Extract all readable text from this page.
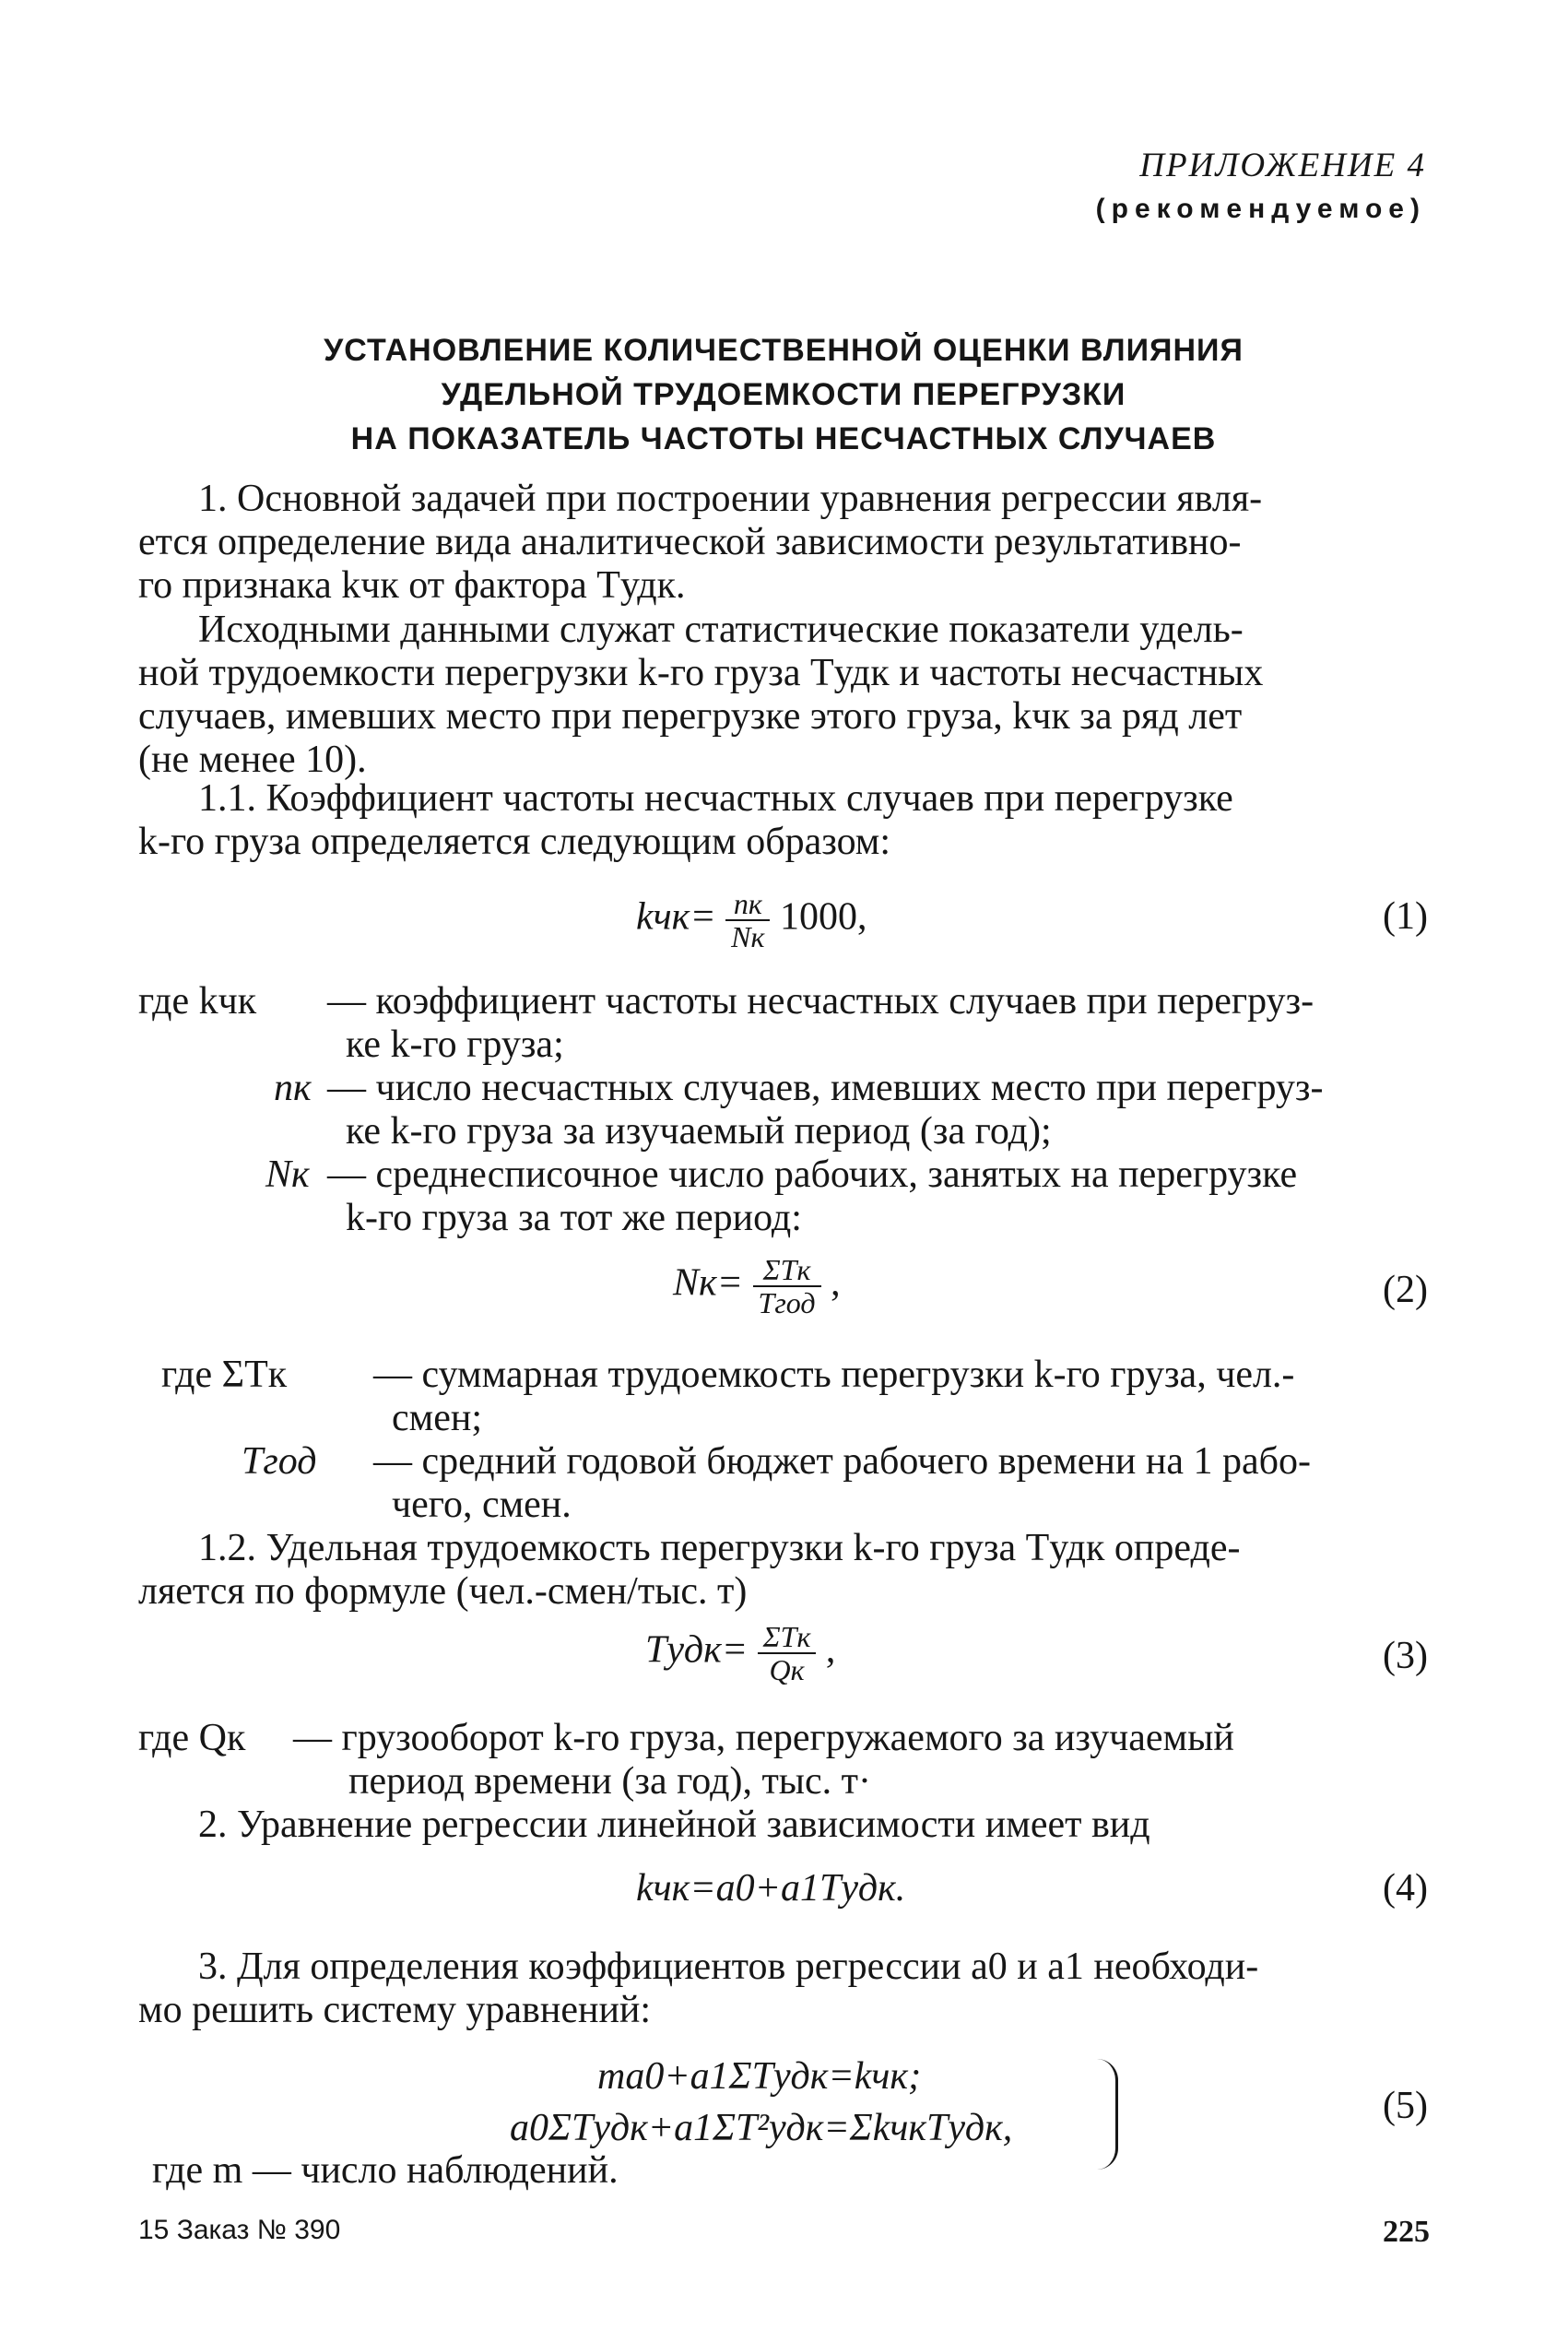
ПРИЛОЖЕНИЕ 4
(рекомендуемое)
УСТАНОВЛЕНИЕ КОЛИЧЕСТВЕННОЙ ОЦЕНКИ ВЛИЯНИЯ
УДЕЛЬНОЙ ТРУДОЕМКОСТИ ПЕРЕГРУЗКИ
НА ПОКАЗАТЕЛЬ ЧАСТОТЫ НЕСЧАСТНЫХ СЛУЧАЕВ
1. Основной задачей при построении уравнения регрессии явля-
ется определение вида аналитической зависимости результативно-
го признака kчк от фактора Tудк.
Исходными данными служат статистические показатели удель-
ной трудоемкости перегрузки k-го груза Tудк и частоты несчастных
случаев, имевших место при перегрузке этого груза, kчк за ряд лет
(не менее 10).
1.1. Коэффициент частоты несчастных случаев при перегрузке
k-го груза определяется следующим образом:
$kчк= \frac{nк}{Nк} 1000$,	(1)
где kчк — коэффициент частоты несчастных случаев при перегруз-
ке k-го груза;
nк — число несчастных случаев, имевших место при перегруз-
ке k-го груза за изучаемый период (за год);
Nк — среднесписочное число рабочих, занятых на перегрузке
k-го груза за тот же период:
$Nк= \frac{\text{ΣTк}}{\text{Tгод}}$ ,	(2)
где ΣTк — суммарная трудоемкость перегрузки k-го груза, чел.-
смен;
Tгод — средний годовой бюджет рабочего времени на 1 рабо-
чего, смен.
1.2. Удельная трудоемкость перегрузки k-го груза Tудк опреде-
ляется по формуле (чел.-смен/тыс. т)
Tудк= $\frac{\text{ΣTк}}{Qк}$ ,	(3)
где Qк — грузооборот k-го груза, перегружаемого за изучаемый
период времени (за год), тыс. т·
2. Уравнение регрессии линейной зависимости имеет вид
kчк=a0+a1Tудк.	(4)
3. Для определения коэффициентов регрессии a0 и a1 необходи-
мо решить систему уравнений:
ma0+a1ΣTудк=kчк;
a0ΣTудк+a1ΣT²удк=ΣkчкTудк,
(5)
где m — число наблюдений.
15 Заказ № 390	225
